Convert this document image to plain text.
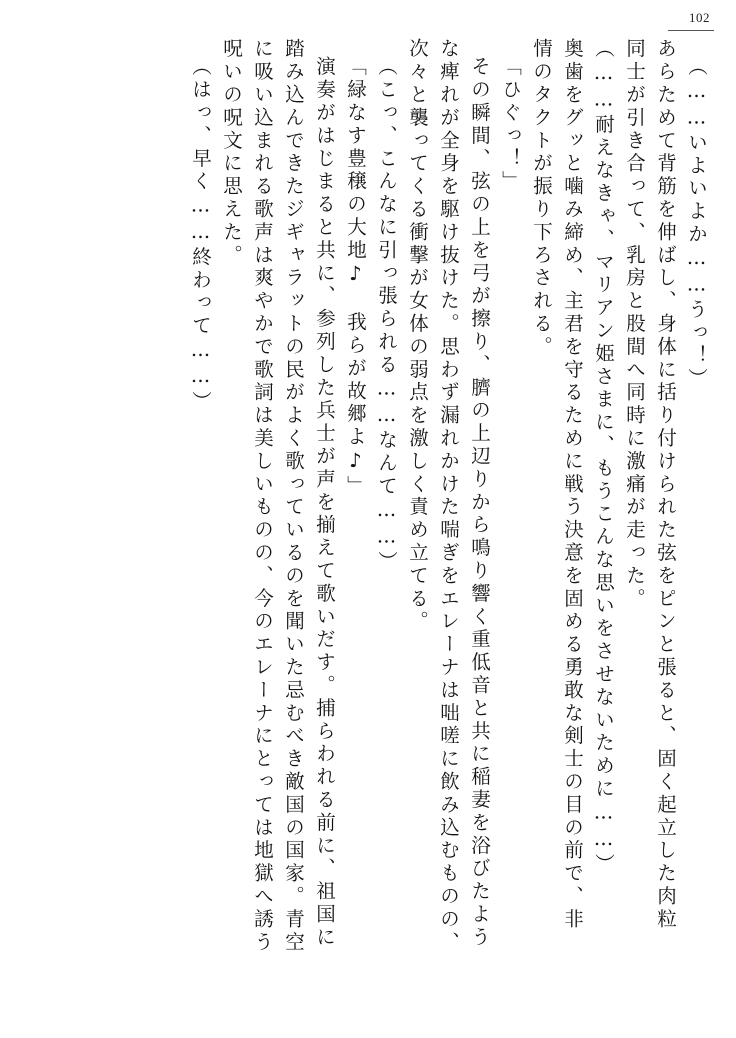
102
（……いよいよか……うっ！）
あらためて背筋を伸ばし、身体に括り付けられた弦をピンと張ると、固く起立した肉粒
同士が引き合って、乳房と股間へ同時に激痛が走った。
（……耐えなきゃ、マリアン姫さまに、もうこんな思いをさせないために……）
奥歯をグッと噛み締め、主君を守るために戦う決意を固める勇敢な剣士の目の前で、非
情のタクトが振り下ろされる。
「ひぐっ！」
その瞬間、弦の上を弓が擦り、臍の上辺りから鳴り響く重低音と共に稲妻を浴びたよう
な痺れが全身を駆け抜けた。思わず漏れかけた喘ぎをエレーナは咄嗟に飲み込むものの、
次々と襲ってくる衝撃が女体の弱点を激しく責め立てる。
（こっ、こんなに引っ張られる……なんて……）
「緑なす豊穣の大地♪　我らが故郷よ♪」
演奏がはじまると共に、参列した兵士が声を揃えて歌いだす。捕らわれる前に、祖国に
踏み込んできたジギャラットの民がよく歌っているのを聞いた忌むべき敵国の国家。青空
に吸い込まれる歌声は爽やかで歌詞は美しいものの、今のエレーナにとっては地獄へ誘う
呪いの呪文に思えた。
（はっ、早く……終わって……）
